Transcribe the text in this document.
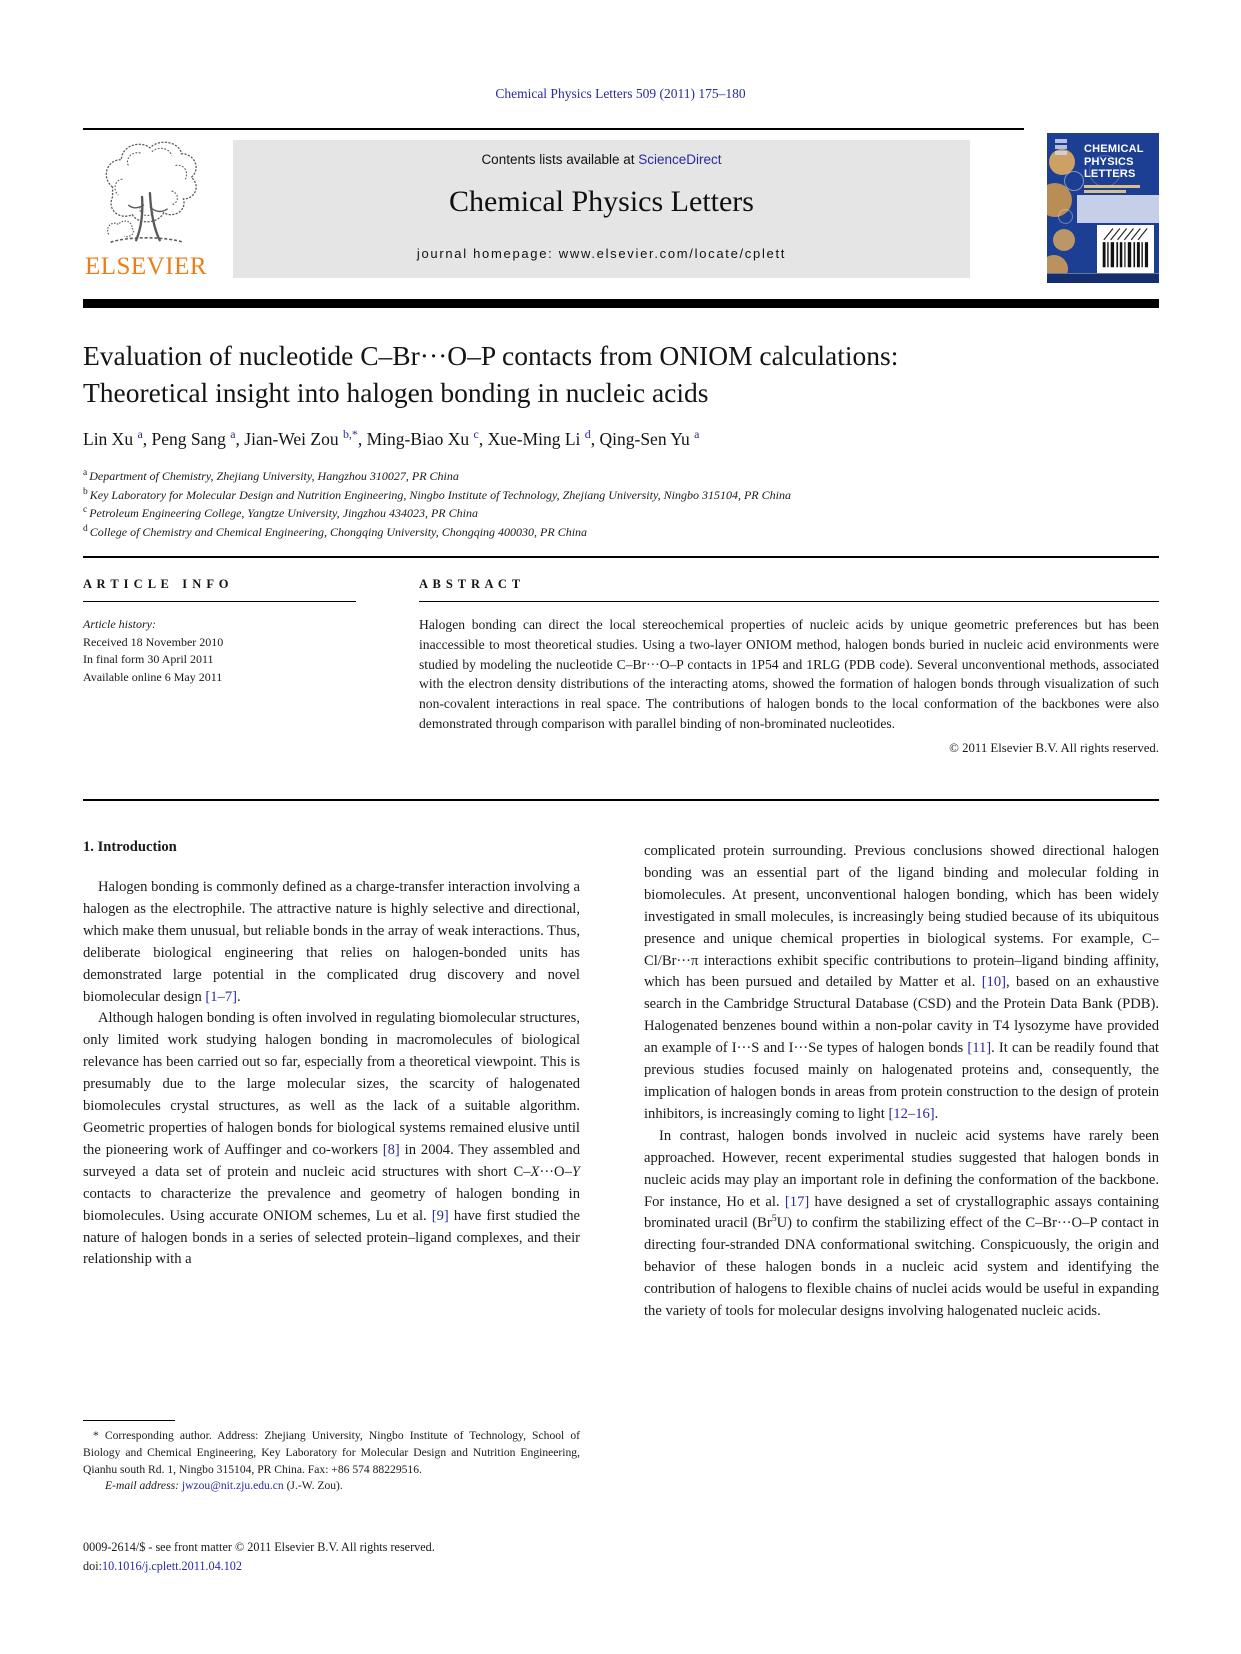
Chemical Physics Letters 509 (2011) 175–180
ELSEVIER
Contents lists available at ScienceDirect
Chemical Physics Letters
journal homepage: www.elsevier.com/locate/cplett
CHEMICAL
PHYSICS
LETTERS
Evaluation of nucleotide C–Br···O–P contacts from ONIOM calculations:
Theoretical insight into halogen bonding in nucleic acids
Lin Xu $^a$, Peng Sang $^a$, Jian-Wei Zou $^{b,*}$, Ming-Biao Xu $^c$, Xue-Ming Li $^d$, Qing-Sen Yu $^a$
$^a$ Department of Chemistry, Zhejiang University, Hangzhou 310027, PR China
$^b$ Key Laboratory for Molecular Design and Nutrition Engineering, Ningbo Institute of Technology, Zhejiang University, Ningbo 315104, PR China
$^c$ Petroleum Engineering College, Yangtze University, Jingzhou 434023, PR China
$^d$ College of Chemistry and Chemical Engineering, Chongqing University, Chongqing 400030, PR China
A R T I C L E   I N F O
Article history:
Received 18 November 2010
In final form 30 April 2011
Available online 6 May 2011
A B S T R A C T

Halogen bonding can direct the local stereochemical properties of nucleic acids by unique geometric preferences but has been inaccessible to most theoretical studies. Using a two-layer ONIOM method, halogen bonds buried in nucleic acid environments were studied by modeling the nucleotide C–Br···O–P contacts in 1P54 and 1RLG (PDB code). Several unconventional methods, associated with the electron density distributions of the interacting atoms, showed the formation of halogen bonds through visualization of such non-covalent interactions in real space. The contributions of halogen bonds to the local conformation of the backbones were also demonstrated through comparison with parallel binding of non-brominated nucleotides.

© 2011 Elsevier B.V. All rights reserved.
1. Introduction

Halogen bonding is commonly defined as a charge-transfer interaction involving a halogen as the electrophile. The attractive nature is highly selective and directional, which make them unusual, but reliable bonds in the array of weak interactions. Thus, deliberate biological engineering that relies on halogen-bonded units has demonstrated large potential in the complicated drug discovery and novel biomolecular design [1–7].

Although halogen bonding is often involved in regulating biomolecular structures, only limited work studying halogen bonding in macromolecules of biological relevance has been carried out so far, especially from a theoretical viewpoint. This is presumably due to the large molecular sizes, the scarcity of halogenated biomolecules crystal structures, as well as the lack of a suitable algorithm. Geometric properties of halogen bonds for biological systems remained elusive until the pioneering work of Auffinger and co-workers [8] in 2004. They assembled and surveyed a data set of protein and nucleic acid structures with short C–X···O–Y contacts to characterize the prevalence and geometry of halogen bonding in biomolecules. Using accurate ONIOM schemes, Lu et al. [9] have first studied the nature of halogen bonds in a series of selected protein–ligand complexes, and their relationship with a

complicated protein surrounding. Previous conclusions showed directional halogen bonding was an essential part of the ligand binding and molecular folding in biomolecules. At present, unconventional halogen bonding, which has been widely investigated in small molecules, is increasingly being studied because of its ubiquitous presence and unique chemical properties in biological systems. For example, C–Cl/Br···π interactions exhibit specific contributions to protein–ligand binding affinity, which has been pursued and detailed by Matter et al. [10], based on an exhaustive search in the Cambridge Structural Database (CSD) and the Protein Data Bank (PDB). Halogenated benzenes bound within a non-polar cavity in T4 lysozyme have provided an example of I···S and I···Se types of halogen bonds [11]. It can be readily found that previous studies focused mainly on halogenated proteins and, consequently, the implication of halogen bonds in areas from protein construction to the design of protein inhibitors, is increasingly coming to light [12–16].

In contrast, halogen bonds involved in nucleic acid systems have rarely been approached. However, recent experimental studies suggested that halogen bonds in nucleic acids may play an important role in defining the conformation of the backbone. For instance, Ho et al. [17] have designed a set of crystallographic assays containing brominated uracil (Br$^5$U) to confirm the stabilizing effect of the C–Br···O–P contact in directing four-stranded DNA conformational switching. Conspicuously, the origin and behavior of these halogen bonds in a nucleic acid system and identifying the contribution of halogens to flexible chains of nuclei acids would be useful in expanding the variety of tools for molecular designs involving halogenated nucleic acids.

* Corresponding author. Address: Zhejiang University, Ningbo Institute of Technology, School of Biology and Chemical Engineering, Key Laboratory for Molecular Design and Nutrition Engineering, Qianhu south Rd. 1, Ningbo 315104, PR China. Fax: +86 574 88229516.

E-mail address: jwzou@nit.zju.edu.cn (J.-W. Zou).

0009-2614/$ - see front matter © 2011 Elsevier B.V. All rights reserved.
doi:10.1016/j.cplett.2011.04.102
